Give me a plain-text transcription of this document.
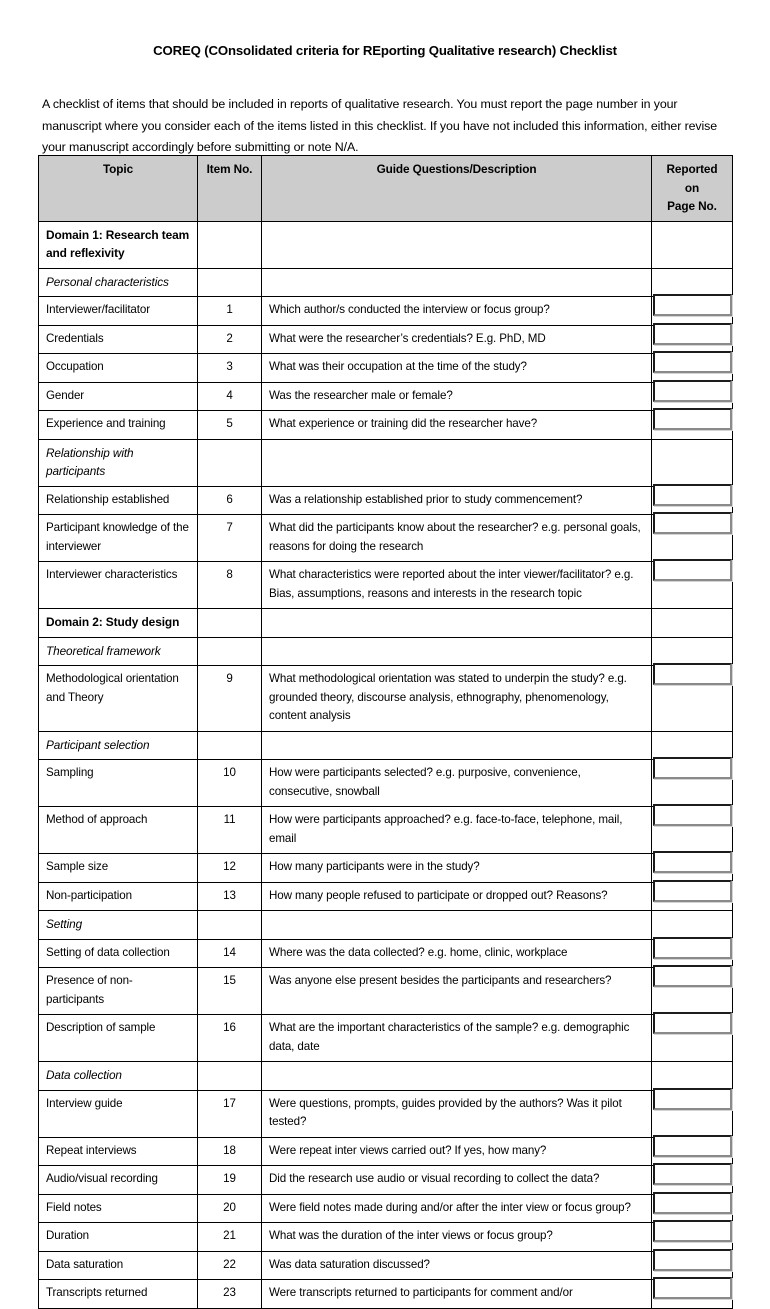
COREQ (COnsolidated criteria for REporting Qualitative research) Checklist

A checklist of items that should be included in reports of qualitative research. You must report the page number in your manuscript where you consider each of the items listed in this checklist. If you have not included this information, either revise your manuscript accordingly before submitting or note N/A.

Topic	Item No.	Guide Questions/Description	Reported on
Page No.
Domain 1: Research team and reflexivity			
Personal characteristics			
Interviewer/facilitator	1	Which author/s conducted the interview or focus group?	

Credentials	2	What were the researcher’s credentials? E.g. PhD, MD	

Occupation	3	What was their occupation at the time of the study?	

Gender	4	Was the researcher male or female?	

Experience and training	5	What experience or training did the researcher have?	

Relationship with participants			
Relationship established	6	Was a relationship established prior to study commencement?	

Participant knowledge of the interviewer	7	What did the participants know about the researcher? e.g. personal goals, reasons for doing the research	

Interviewer characteristics	8	What characteristics were reported about the inter viewer/facilitator? e.g. Bias, assumptions, reasons and interests in the research topic	

Domain 2: Study design			
Theoretical framework			
Methodological orientation and Theory	9	What methodological orientation was stated to underpin the study? e.g. grounded theory, discourse analysis, ethnography, phenomenology, content analysis	

Participant selection			
Sampling	10	How were participants selected? e.g. purposive, convenience, consecutive, snowball	

Method of approach	11	How were participants approached? e.g. face-to-face, telephone, mail, email	

Sample size	12	How many participants were in the study?	

Non-participation	13	How many people refused to participate or dropped out? Reasons?	

Setting			
Setting of data collection	14	Where was the data collected? e.g. home, clinic, workplace	

Presence of non-participants	15	Was anyone else present besides the participants and researchers?	

Description of sample	16	What are the important characteristics of the sample? e.g. demographic data, date	

Data collection			
Interview guide	17	Were questions, prompts, guides provided by the authors? Was it pilot tested?	

Repeat interviews	18	Were repeat inter views carried out? If yes, how many?	

Audio/visual recording	19	Did the research use audio or visual recording to collect the data?	

Field notes	20	Were field notes made during and/or after the inter view or focus group?	

Duration	21	What was the duration of the inter views or focus group?	

Data saturation	22	Was data saturation discussed?	

Transcripts returned	23	Were transcripts returned to participants for comment and/or	
